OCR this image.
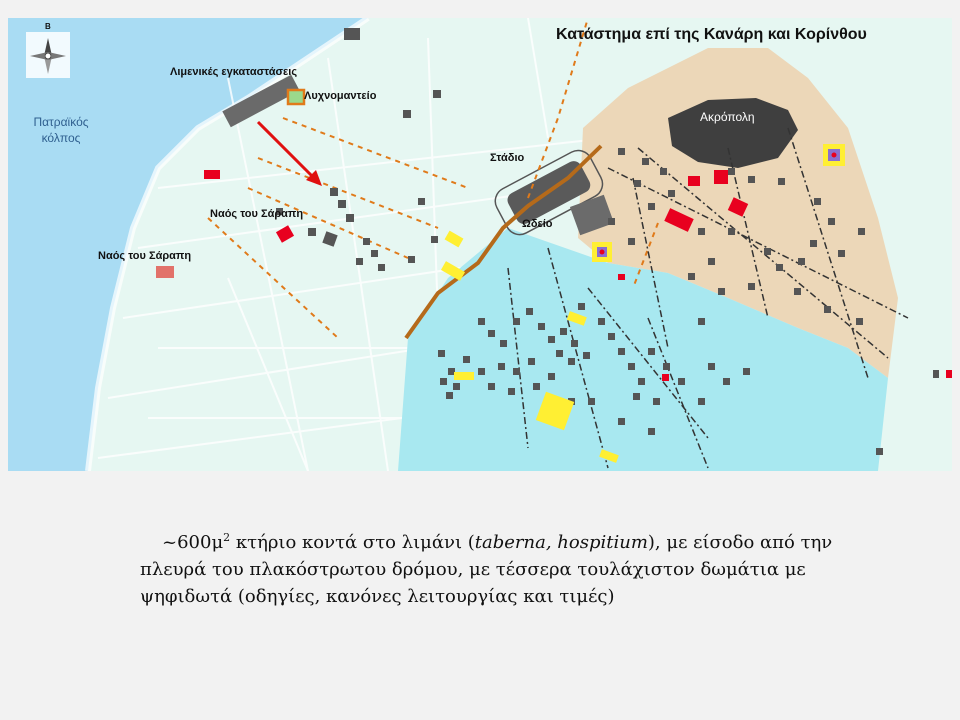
Κατάστημα επί της Κανάρη και Κορίνθου
B
Πατραϊκός
κόλπος
Λιμενικές εγκαταστάσεις
Λυχνομαντείο
Ναός του Σάραπη
Ναός του Σάραπη
Στάδιο
Ωδείο
Ακρόπολη
$\sim 600\mu^2$ κτήριο κοντά στο λιμάνι (taberna, hospitium), με είσοδο από την πλευρά του πλακόστρωτου δρόμου, με τέσσερα τουλάχιστον δωμάτια με ψηφιδωτά (οδηγίες, κανόνες λειτουργίας και τιμές)
